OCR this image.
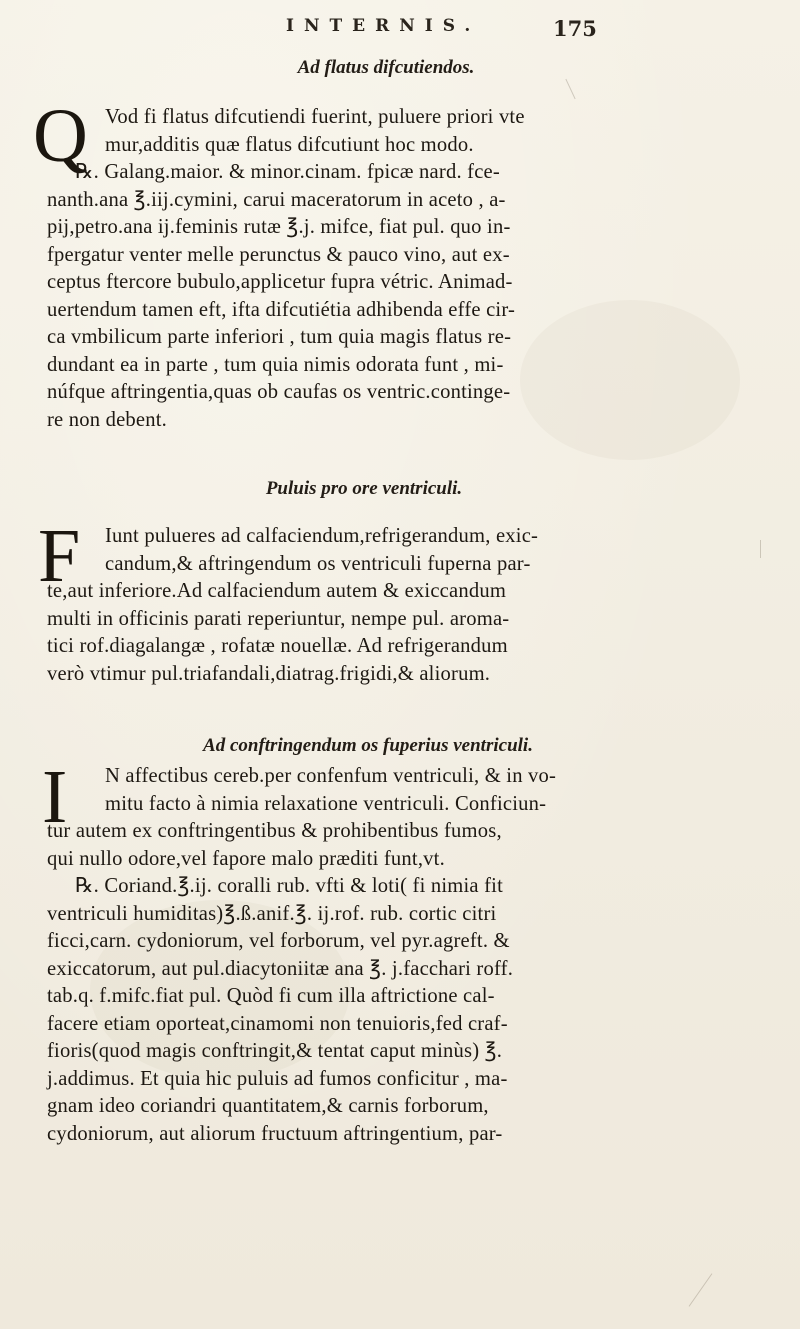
INTERNIS.	175
Ad flatus difcutiendos.
Q Vod fi flatus difcutiendi fuerint, puluere priori vte
mur,additis quæ flatus difcutiunt hoc modo.
℞. Galang.maior. & minor.cinam. fpicæ nard. fce-
nanth.ana ℥.iij.cymini, carui maceratorum in aceto , a-
pij,petro.ana ij.feminis rutæ ℥.j. mifce, fiat pul. quo in-
fpergatur venter melle perunctus & pauco vino, aut ex-
ceptus ftercore bubulo,applicetur fupra vétric. Animad-
uertendum tamen eft, ifta difcutiétia adhibenda effe cir-
ca vmbilicum parte inferiori , tum quia magis flatus re-
dundant ea in parte , tum quia nimis odorata funt , mi-
núfque aftringentia,quas ob caufas os ventric.continge-
re non debent.
Puluis pro ore ventriculi.
F	Iunt pulueres ad calfaciendum,refrigerandum, exic-
candum,& aftringendum os ventriculi fuperna par-
te,aut inferiore.Ad calfaciendum autem & exiccandum
multi in officinis parati reperiuntur, nempe pul. aroma-
tici rof.diagalangæ , rofatæ nouellæ. Ad refrigerandum
verò vtimur pul.triafandali,diatrag.frigidi,& aliorum.
Ad conftringendum os fuperius ventriculi.
I	N affectibus cereb.per confenfum ventriculi, & in vo-
mitu facto à nimia relaxatione ventriculi. Conficiun-
tur autem ex conftringentibus & prohibentibus fumos,
qui nullo odore,vel fapore malo præditi funt,vt.
℞. Coriand.℥.ij. coralli rub. vfti & loti( fi nimia fit
ventriculi humiditas)℥.ß.anif.℥. ij.rof. rub. cortic citri
ficci,carn. cydoniorum, vel forborum, vel pyr.agreft. &
exiccatorum, aut pul.diacytoniitæ ana ℥. j.facchari roff.
tab.q. f.mifc.fiat pul. Quòd fi cum illa aftrictione cal-
facere etiam oporteat,cinamomi non tenuioris,fed craf-
fioris(quod magis conftringit,& tentat caput minùs) ℥.
j.addimus. Et quia hic puluis ad fumos conficitur , ma-
gnam ideo coriandri quantitatem,& carnis forborum,
cydoniorum, aut aliorum fructuum aftringentium, par-
